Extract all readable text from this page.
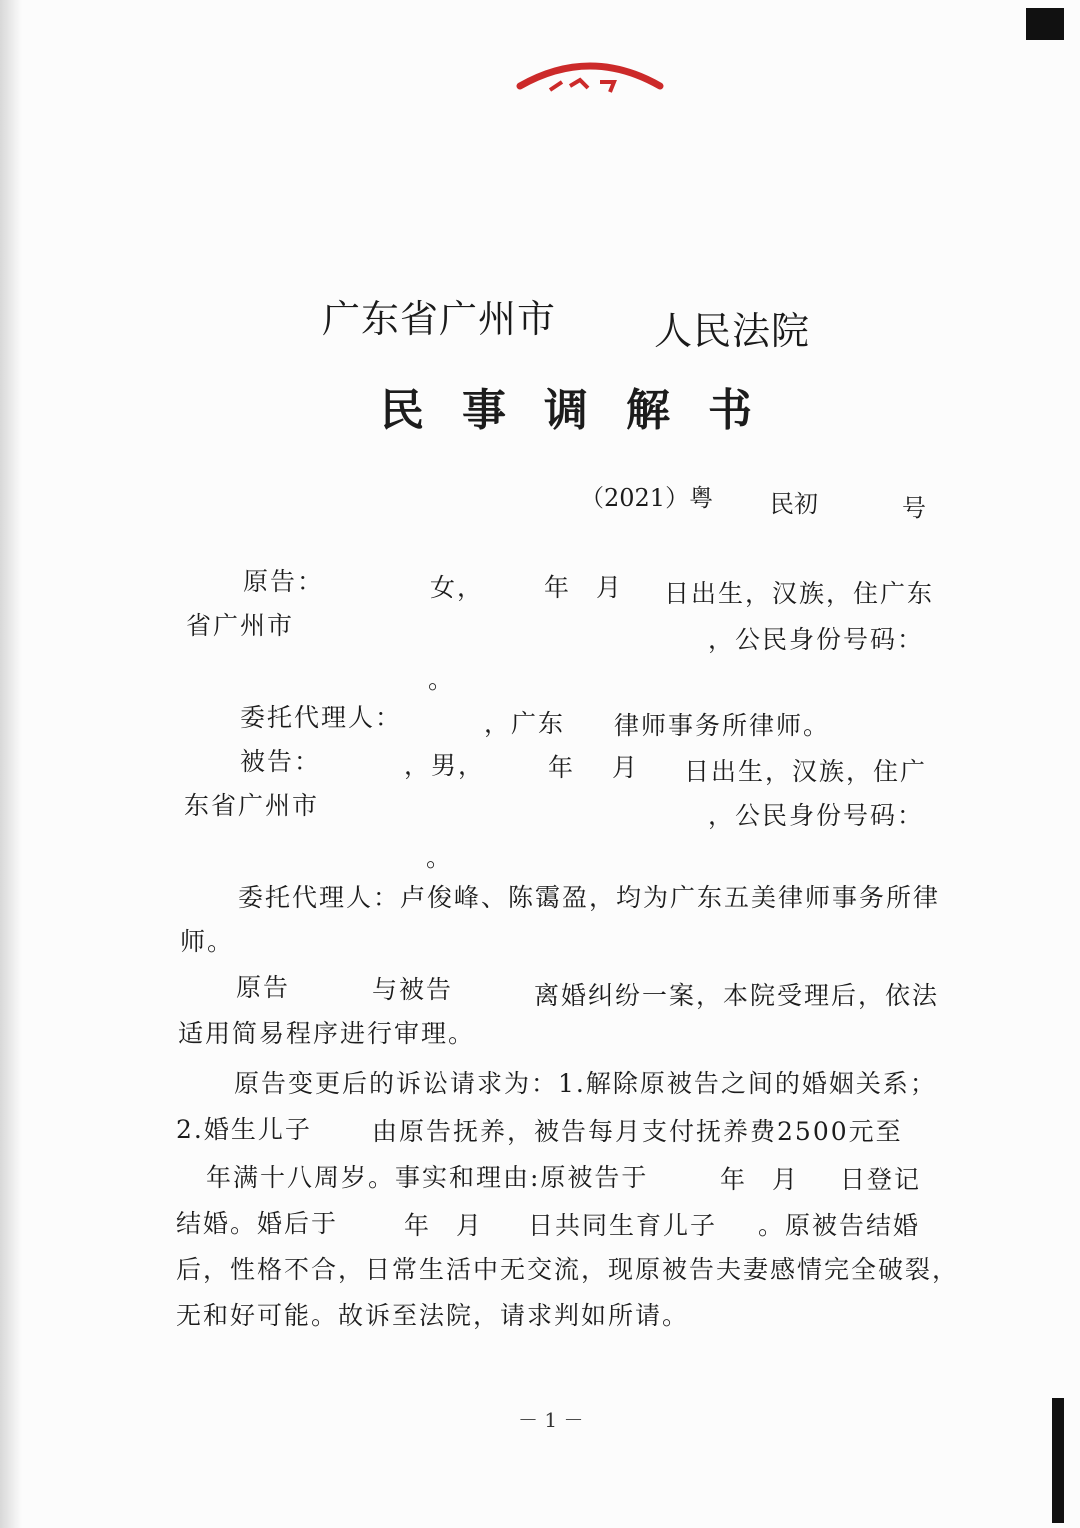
广东省广州市	人民法院
民事调解书
（2021）粤 民初	号
原告：	女， 年 月 日出生，汉族，住广东
省广州市	，公民身份号码：
。
委托代理人：	，广东 律师事务所律师。
被告：	，男，	年 月 日出生，汉族，住广
东省广州市	，公民身份号码：
。
委托代理人：卢俊峰、陈霭盈，均为广东五美律师事务所律
师。
原告	与被告	离婚纠纷一案，本院受理后，依法
适用简易程序进行审理。
原告变更后的诉讼请求为：1.解除原被告之间的婚姻关系；
2.婚生儿子 由原告抚养，被告每月支付抚养费2500元至
年满十八周岁。事实和理由:原被告于	年 月 日登记
结婚。婚后于	年 月 日共同生育儿子 。原被告结婚
后，性格不合，日常生活中无交流，现原被告夫妻感情完全破裂，
无和好可能。故诉至法院，请求判如所请。
－ 1 －
